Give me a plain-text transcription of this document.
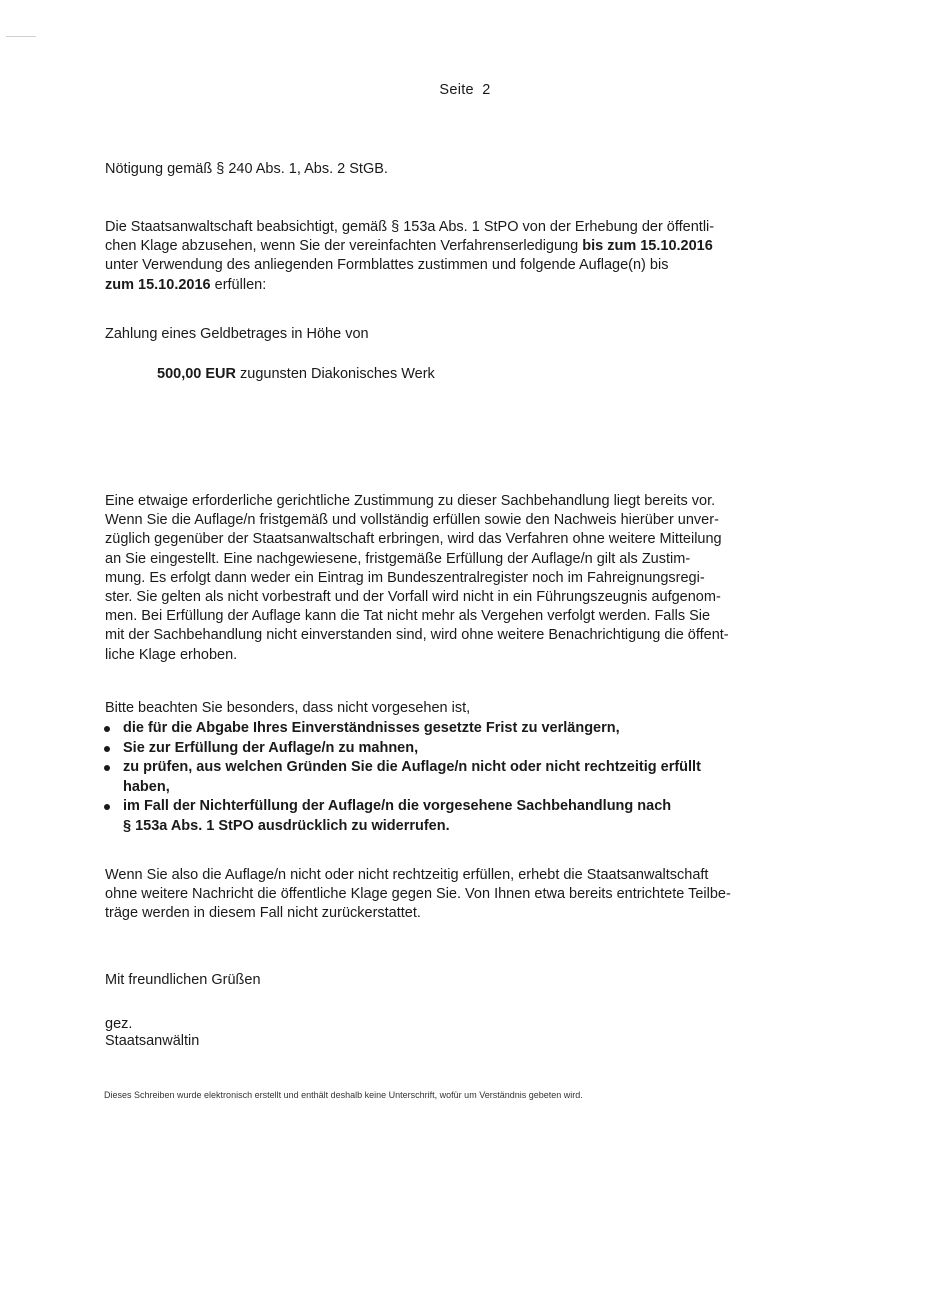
Seite 2
Nötigung gemäß § 240 Abs. 1, Abs. 2 StGB.
Die Staatsanwaltschaft beabsichtigt, gemäß § 153a Abs. 1 StPO von der Erhebung der öffentli-
chen Klage abzusehen, wenn Sie der vereinfachten Verfahrenserledigung bis zum 15.10.2016
unter Verwendung des anliegenden Formblattes zustimmen und folgende Auflage(n) bis
zum 15.10.2016 erfüllen:
Zahlung eines Geldbetrages in Höhe von
500,00 EUR zugunsten Diakonisches Werk
Eine etwaige erforderliche gerichtliche Zustimmung zu dieser Sachbehandlung liegt bereits vor.
Wenn Sie die Auflage/n fristgemäß und vollständig erfüllen sowie den Nachweis hierüber unver-
züglich gegenüber der Staatsanwaltschaft erbringen, wird das Verfahren ohne weitere Mitteilung
an Sie eingestellt. Eine nachgewiesene, fristgemäße Erfüllung der Auflage/n gilt als Zustim-
mung. Es erfolgt dann weder ein Eintrag im Bundeszentralregister noch im Fahreignungsregi-
ster. Sie gelten als nicht vorbestraft und der Vorfall wird nicht in ein Führungszeugnis aufgenom-
men. Bei Erfüllung der Auflage kann die Tat nicht mehr als Vergehen verfolgt werden. Falls Sie
mit der Sachbehandlung nicht einverstanden sind, wird ohne weitere Benachrichtigung die öffent-
liche Klage erhoben.
Bitte beachten Sie besonders, dass nicht vorgesehen ist,
die für die Abgabe Ihres Einverständnisses gesetzte Frist zu verlängern,
Sie zur Erfüllung der Auflage/n zu mahnen,
zu prüfen, aus welchen Gründen Sie die Auflage/n nicht oder nicht rechtzeitig erfüllt
haben,
im Fall der Nichterfüllung der Auflage/n die vorgesehene Sachbehandlung nach
§ 153a Abs. 1 StPO ausdrücklich zu widerrufen.
Wenn Sie also die Auflage/n nicht oder nicht rechtzeitig erfüllen, erhebt die Staatsanwaltschaft
ohne weitere Nachricht die öffentliche Klage gegen Sie. Von Ihnen etwa bereits entrichtete Teilbe-
träge werden in diesem Fall nicht zurückerstattet.
Mit freundlichen Grüßen
gez.
Staatsanwältin
Dieses Schreiben wurde elektronisch erstellt und enthält deshalb keine Unterschrift, wofür um Verständnis gebeten wird.
